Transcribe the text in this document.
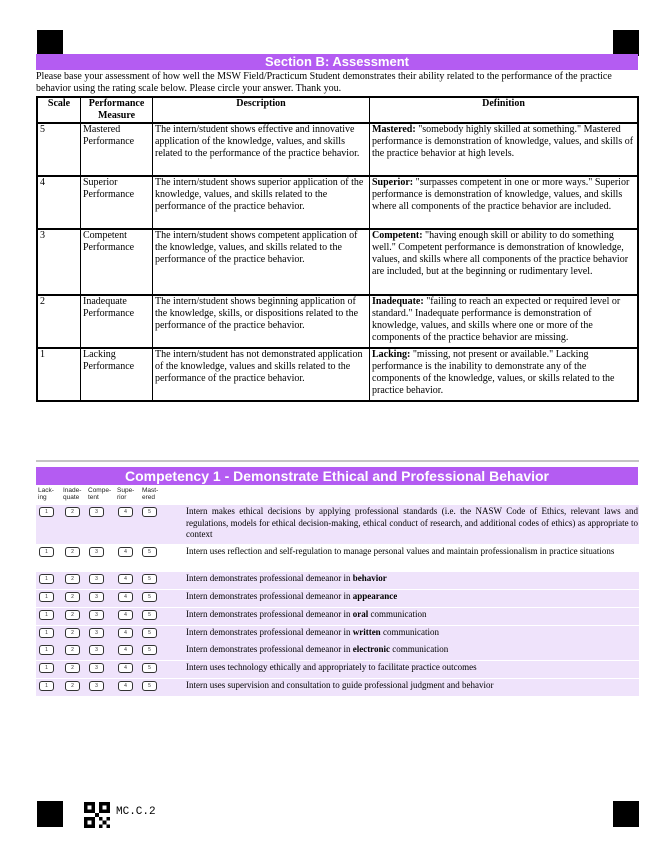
Section B: Assessment
Please base your assessment of how well the MSW Field/Practicum Student demonstrates their ability related to the performance of the practice behavior using the rating scale below. Please circle your answer. Thank you.
Scale	Performance Measure	Description	Definition
5	Mastered Performance	The intern/student shows effective and innovative application of the knowledge, values, and skills related to the performance of the practice behavior.	Mastered: "somebody highly skilled at something." Mastered performance is demonstration of knowledge, values, and skills of the practice behavior at high levels.
4	Superior Performance	The intern/student shows superior application of the knowledge, values, and skills related to the performance of the practice behavior.	Superior: "surpasses competent in one or more ways." Superior performance is demonstration of knowledge, values, and skills where all components of the practice behavior are included.
3	Competent Performance	The intern/student shows competent application of the knowledge, values, and skills related to the performance of the practice behavior.	Competent: "having enough skill or ability to do something well." Competent performance is demonstration of knowledge, values, and skills where all components of the practice behavior are included, but at the beginning or rudimentary level.
2	Inadequate Performance	The intern/student shows beginning application of the knowledge, skills, or dispositions related to the performance of the practice behavior.	Inadequate: "failing to reach an expected or required level or standard." Inadequate performance is demonstration of knowledge, values, and skills where one or more of the components of the practice behavior are missing.
1	Lacking Performance	The intern/student has not demonstrated application of the knowledge, values and skills related to the performance of the practice behavior.	Lacking: "missing, not present or available." Lacking performance is the inability to demonstrate any of the components of the knowledge, values, or skills related to the practice behavior.
Competency 1 - Demonstrate Ethical and Professional Behavior
Lack-ing
Inade-quate
Compe-tent
Supe-rior
Mast-ered
1	2	3	4	5	Intern makes ethical decisions by applying professional standards (i.e. the NASW Code of Ethics, relevant laws and regulations, models for ethical decision-making, ethical conduct of research, and additional codes of ethics) as appropriate to context
1	2	3	4	5	Intern uses reflection and self-regulation to manage personal values and maintain professionalism in practice situations
1	2	3	4	5	Intern demonstrates professional demeanor in behavior
1	2	3	4	5	Intern demonstrates professional demeanor in appearance
1	2	3	4	5	Intern demonstrates professional demeanor in oral communication
1	2	3	4	5	Intern demonstrates professional demeanor in written communication
1	2	3	4	5	Intern demonstrates professional demeanor in electronic communication
1	2	3	4	5	Intern uses technology ethically and appropriately to facilitate practice outcomes
1	2	3	4	5	Intern uses supervision and consultation to guide professional judgment and behavior
MC.C.2
